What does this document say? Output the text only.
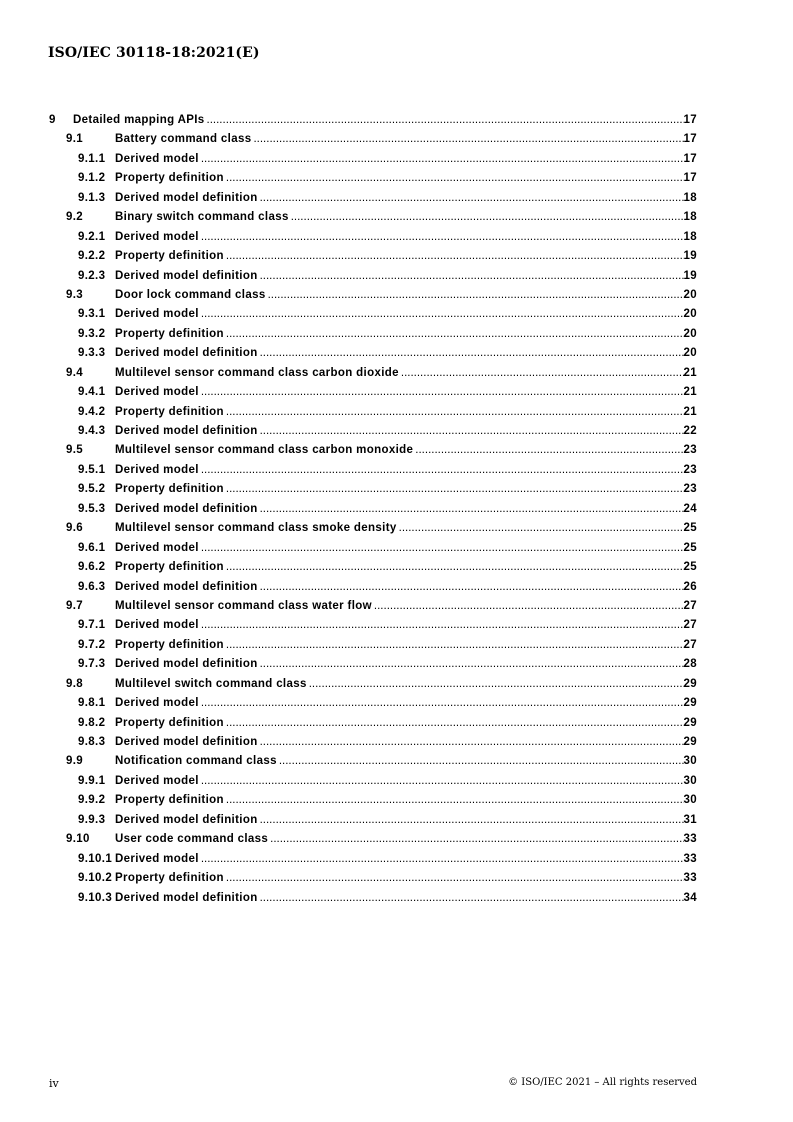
ISO/IEC 30118-18:2021(E)
9 Detailed mapping APIs .....	17
9.1	Battery command class .....	17
9.1.1 Derived model .....	17
9.1.2 Property definition .....	17
9.1.3 Derived model definition .....	18
9.2	Binary switch command class .....	18
9.2.1 Derived model .....	18
9.2.2 Property definition .....	19
9.2.3 Derived model definition .....	19
9.3	Door lock command class .....	20
9.3.1 Derived model .....	20
9.3.2 Property definition .....	20
9.3.3 Derived model definition .....	20
9.4	Multilevel sensor command class carbon dioxide .....	21
9.4.1 Derived model .....	21
9.4.2 Property definition .....	21
9.4.3 Derived model definition .....	22
9.5	Multilevel sensor command class carbon monoxide .....	23
9.5.1 Derived model .....	23
9.5.2 Property definition .....	23
9.5.3 Derived model definition .....	24
9.6	Multilevel sensor command class smoke density .....	25
9.6.1 Derived model .....	25
9.6.2 Property definition .....	25
9.6.3 Derived model definition .....	26
9.7	Multilevel sensor command class water flow .....	27
9.7.1 Derived model .....	27
9.7.2 Property definition .....	27
9.7.3 Derived model definition .....	28
9.8	Multilevel switch command class .....	29
9.8.1 Derived model .....	29
9.8.2 Property definition .....	29
9.8.3 Derived model definition .....	29
9.9	Notification command class .....	30
9.9.1 Derived model .....	30
9.9.2 Property definition .....	30
9.9.3 Derived model definition .....	31
9.10 User code command class .....	33
9.10.1 Derived model .....	33
9.10.2 Property definition .....	33
9.10.3 Derived model definition .....	34
iv	© ISO/IEC 2021 – All rights reserved
